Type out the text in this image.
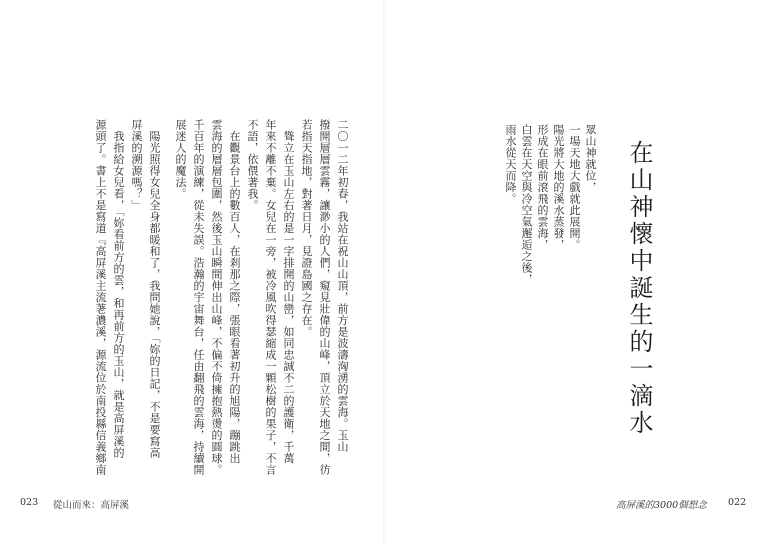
二〇一二年初春，我站在祝山山頂，前方是波濤洶湧的雲海。玉山
撥開層層雲霧，讓渺小的人們，窺見壯偉的山峰，頂立於天地之間，彷
若指天指地，對著日月，見證島國之存在。
　聳立在玉山左右的是一字排開的山巒，如同忠誠不二的護衛，千萬
年來不離不棄。女兒在一旁，被冷風吹得瑟縮成一顆松樹的果子，不言
不語，依偎著我。
　在觀景台上的數百人，在剎那之際，張眼看著初升的旭陽，蹦跳出
雲海的層層包圍，然後玉山瞬間伸出山峰，不偏不倚擁抱熱燙的圓球。
千百年的演練，從未失誤。浩瀚的宇宙舞台，任由翻飛的雲海，持續開
展迷人的魔法。
　陽光照得女兒全身都暖和了，我問她說，「妳的日記，不是要寫高
屏溪的溯源嗎？」
　我指給女兒看，「妳看前方的雲，和再前方的玉山，就是高屏溪的
源頭了。書上不是寫道『高屏溪主流荖濃溪，源流位於南投縣信義鄉南	在山神懷中誕生的一滴水
眾山神就位，
一場天地大戲就此展開。
陽光將大地的溪水蒸發，
形成在眼前滾飛的雲海，
白雲在天空與冷空氣邂逅之後，
雨水從天而降。
023 從山而來：高屏溪	高屏溪的3000個想念 022
